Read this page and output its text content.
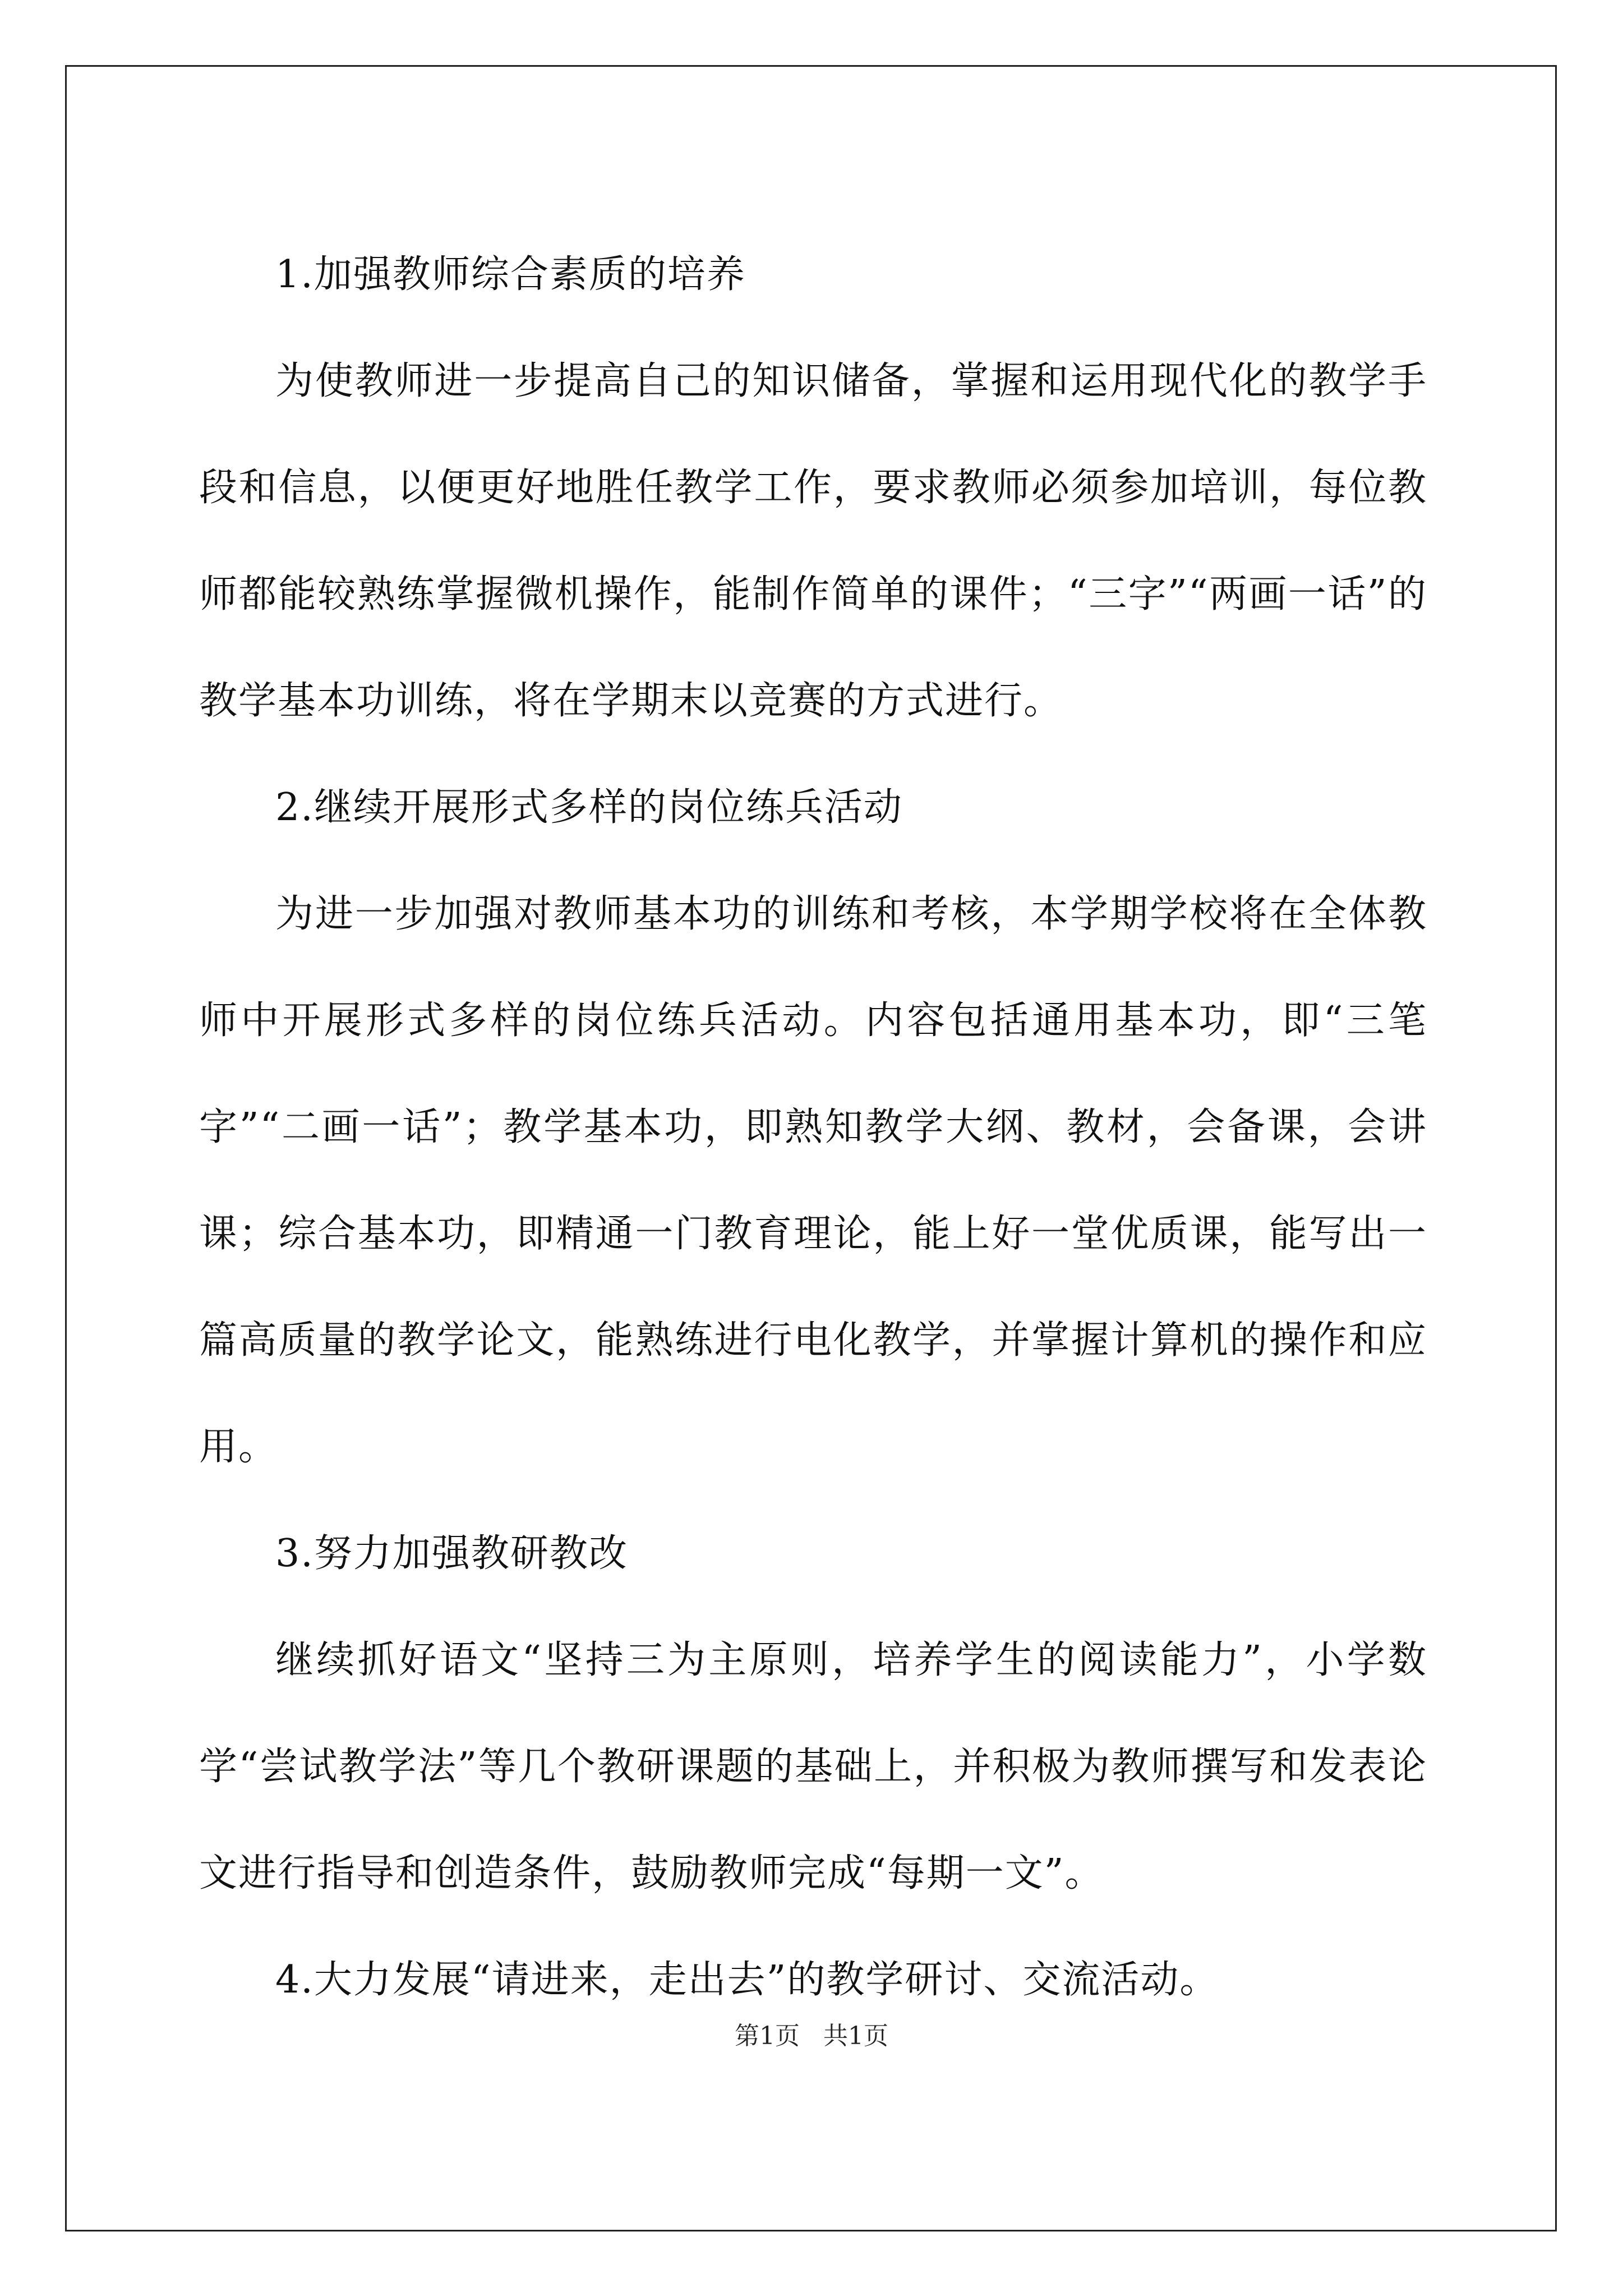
1.加强教师综合素质的培养

为使教师进一步提高自己的知识储备，掌握和运用现代化的教学手段和信息，以便更好地胜任教学工作，要求教师必须参加培训，每位教师都能较熟练掌握微机操作，能制作简单的课件；“三字”“两画一话”的教学基本功训练，将在学期末以竞赛的方式进行。

2.继续开展形式多样的岗位练兵活动

为进一步加强对教师基本功的训练和考核，本学期学校将在全体教师中开展形式多样的岗位练兵活动。内容包括通用基本功，即“三笔字”“二画一话”；教学基本功，即熟知教学大纲、教材，会备课，会讲课；综合基本功，即精通一门教育理论，能上好一堂优质课，能写出一篇高质量的教学论文，能熟练进行电化教学，并掌握计算机的操作和应用。

3.努力加强教研教改

继续抓好语文“坚持三为主原则，培养学生的阅读能力”，小学数学“尝试教学法”等几个教研课题的基础上，并积极为教师撰写和发表论文进行指导和创造条件，鼓励教师完成“每期一文”。

4.大力发展“请进来，走出去”的教学研讨、交流活动。

第1页 共1页
